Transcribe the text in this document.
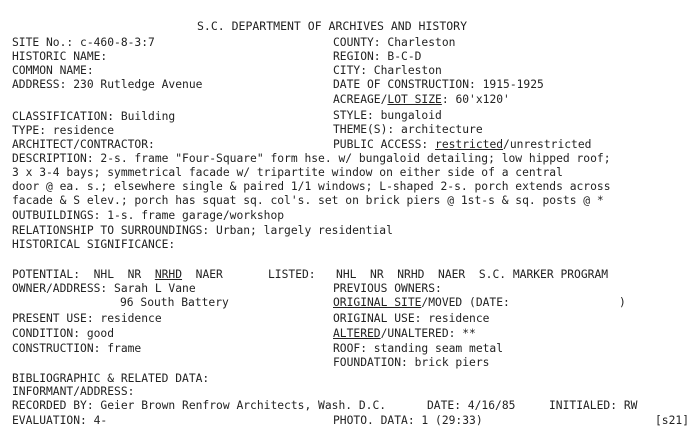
S.C. DEPARTMENT OF ARCHIVES AND HISTORY
SITE No.: c-460-8-3:7
HISTORIC NAME:
COMMON NAME:
ADDRESS: 230 Rutledge Avenue
CLASSIFICATION: Building
TYPE: residence
ARCHITECT/CONTRACTOR:
COUNTY: Charleston
REGION: B-C-D
CITY: Charleston
DATE OF CONSTRUCTION: 1915-1925
ACREAGE/LOT SIZE: 60'x120'
STYLE: bungaloid
THEME(S): architecture
PUBLIC ACCESS: restricted/unrestricted
DESCRIPTION: 2-s. frame "Four-Square" form hse. w/ bungaloid detailing; low hipped roof;
3 x 3-4 bays; symmetrical facade w/ tripartite window on either side of a central
door @ ea. s.; elsewhere single & paired 1/1 windows; L-shaped 2-s. porch extends across
facade & S elev.; porch has squat sq. col's. set on brick piers @ 1st-s & sq. posts @ *
OUTBUILDINGS: 1-s. frame garage/workshop
RELATIONSHIP TO SURROUNDINGS: Urban; largely residential
HISTORICAL SIGNIFICANCE:
POTENTIAL:  NHL  NR  NRHD  NAER	LISTED:   NHL  NR  NRHD  NAER  S.C. MARKER PROGRAM
OWNER/ADDRESS: Sarah L Vane
96 South Battery
PREVIOUS OWNERS:
ORIGINAL SITE/MOVED (DATE:	)
PRESENT USE: residence	ORIGINAL USE: residence
CONDITION: good	ALTERED/UNALTERED: **
CONSTRUCTION: frame	ROOF: standing seam metal
FOUNDATION: brick piers
BIBLIOGRAPHIC & RELATED DATA:
INFORMANT/ADDRESS:
RECORDED BY: Geier Brown Renfrow Architects, Wash. D.C.	DATE: 4/16/85	INITIALED: RW
EVALUATION: 4-	PHOTO. DATA: 1 (29:33)	[s21]
